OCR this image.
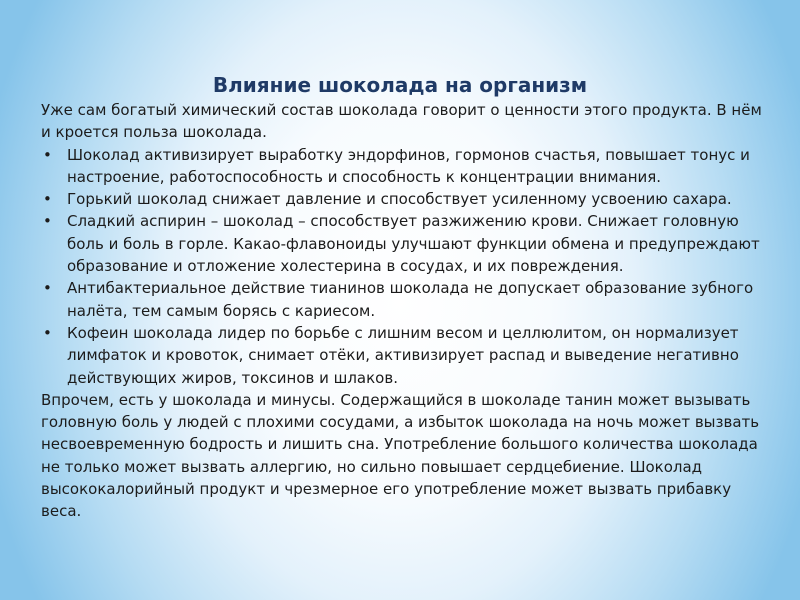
Влияние шоколада на организм

Уже сам богатый химический состав шоколада говорит о ценности этого продукта. В нём и кроется польза шоколада.

• Шоколад активизирует выработку эндорфинов, гормонов счастья, повышает тонус и настроение, работоспособность и способность к концентрации внимания.
• Горький шоколад снижает давление и способствует усиленному усвоению сахара.
• Сладкий аспирин – шоколад – способствует разжижению крови. Снижает головную боль и боль в горле. Какао-флавоноиды улучшают функции обмена и предупреждают образование и отложение холестерина в сосудах, и их повреждения.
• Антибактериальное действие тианинов шоколада не допускает образование зубного налёта, тем самым борясь с кариесом.
• Кофеин шоколада лидер по борьбе с лишним весом и целлюлитом, он нормализует лимфаток и кровоток, снимает отёки, активизирует распад и выведение негативно действующих жиров, токсинов и шлаков.

Впрочем, есть у шоколада и минусы. Содержащийся в шоколаде танин может вызывать головную боль у людей с плохими сосудами, а избыток шоколада на ночь может вызвать несвоевременную бодрость и лишить сна. Употребление большого количества шоколада не только может вызвать аллергию, но сильно повышает сердцебиение. Шоколад высококалорийный продукт и чрезмерное его употребление может вызвать прибавку веса.
